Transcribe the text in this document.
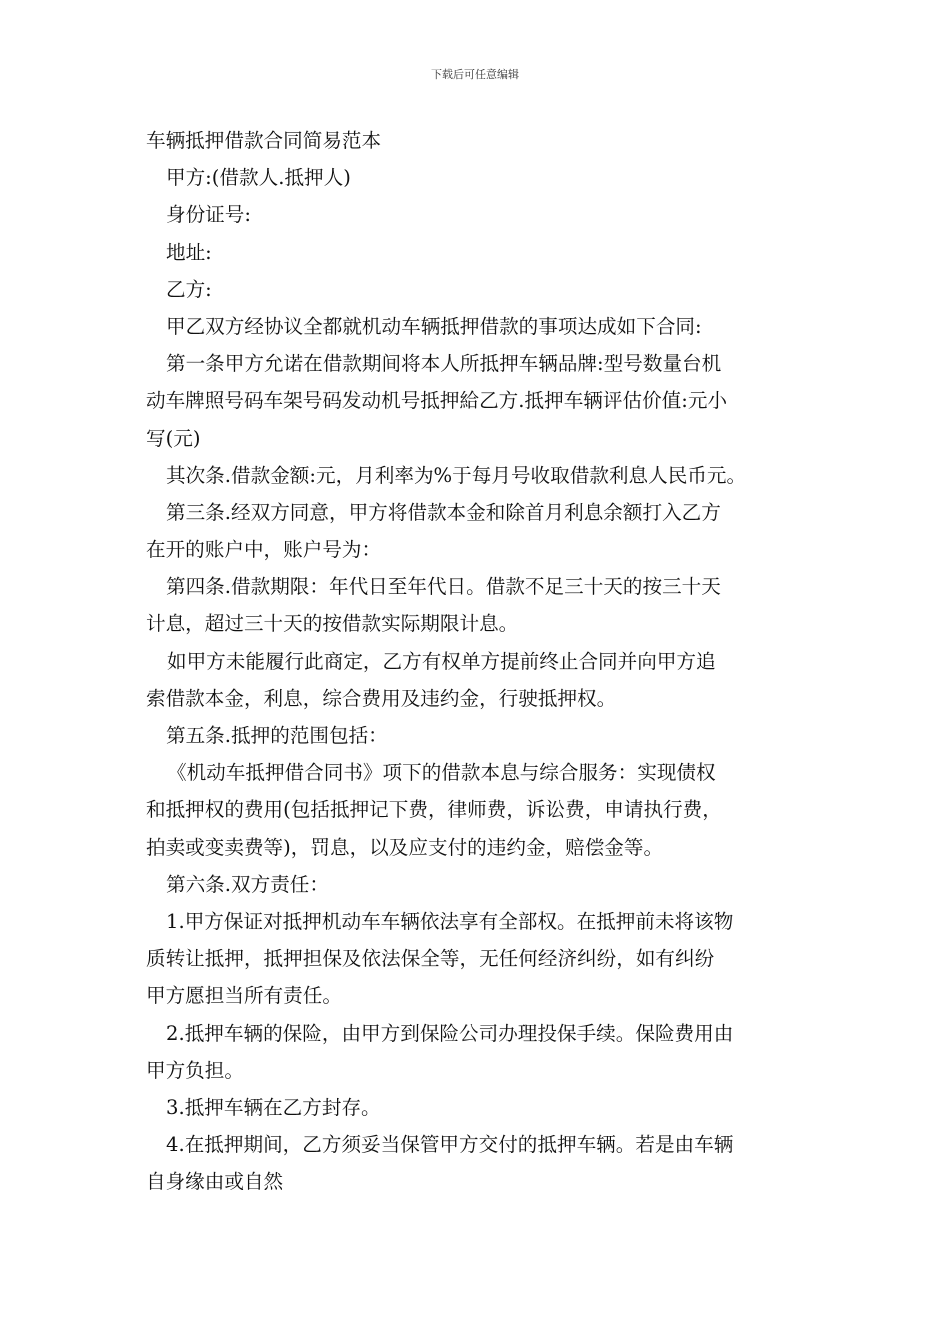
下载后可任意编辑
车辆抵押借款合同简易范本
甲方:(借款人.抵押人)
身份证号:
地址:
乙方:
甲乙双方经协议全都就机动车辆抵押借款的事项达成如下合同:
第一条甲方允诺在借款期间将本人所抵押车辆品牌:型号数量台机
动车牌照号码车架号码发动机号抵押給乙方.抵押车辆评估价值:元小
写(元)
其次条.借款金额:元，月利率为%于每月号收取借款利息人民币元。
第三条.经双方同意，甲方将借款本金和除首月利息余额打入乙方
在开的账户中，账户号为：
第四条.借款期限：年代日至年代日。借款不足三十天的按三十天
计息，超过三十天的按借款实际期限计息。
如甲方未能履行此商定，乙方有权单方提前终止合同并向甲方追
索借款本金，利息，综合费用及违约金，行驶抵押权。
第五条.抵押的范围包括：
《机动车抵押借合同书》项下的借款本息与综合服务：实现债权
和抵押权的费用(包括抵押记下费，律师费，诉讼费，申请执行费，
拍卖或变卖费等)，罚息，以及应支付的违约金，赔偿金等。
第六条.双方责任：
1.甲方保证对抵押机动车车辆依法享有全部权。在抵押前未将该物
质转让抵押，抵押担保及依法保全等，无任何经济纠纷，如有纠纷
甲方愿担当所有责任。
2.抵押车辆的保险，由甲方到保险公司办理投保手续。保险费用由
甲方负担。
3.抵押车辆在乙方封存。
4.在抵押期间，乙方须妥当保管甲方交付的抵押车辆。若是由车辆
自身缘由或自然
